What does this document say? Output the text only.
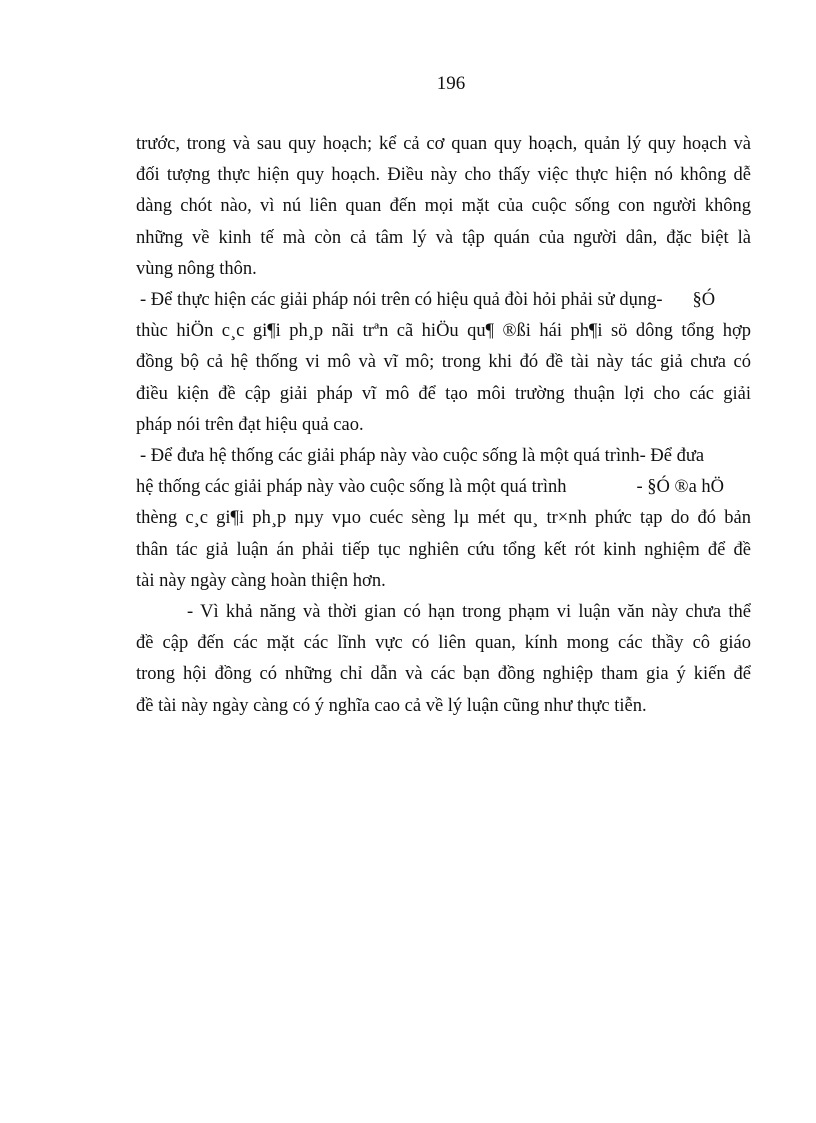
196
trước, trong và sau quy hoạch; kể cả cơ quan quy hoạch, quản lý quy hoạch và
đối tượng thực hiện quy hoạch. Điều này cho thấy việc thực hiện nó không dễ
dàng chót nào, vì nú liên quan đến mọi mặt của cuộc sống con người không
những về kinh tế mà còn cả tâm lý và tập quán của người dân, đặc biệt là
vùng nông thôn.
- Để thực hiện các giải pháp nói trên có hiệu quả đòi hỏi phải sử dụng- §Ó
thùc hiÖn c¸c gi¶i ph¸p nãi trªn cã hiÖu qu¶ ®ßi hái ph¶i sö dông tổng hợp
đồng bộ cả hệ thống vi mô và vĩ mô; trong khi đó đề tài này tác giả chưa có
điều kiện đề cập giải pháp vĩ mô để tạo môi trường thuận lợi cho các giải
pháp nói trên đạt hiệu quả cao.
- Để đưa hệ thống các giải pháp này vào cuộc sống là một quá trình- Để đưa
hệ thống các giải pháp này vào cuộc sống là một quá trình	- §Ó ®a hÖ
thèng c¸c gi¶i ph¸p nµy vµo cuéc sèng lµ mét qu¸ tr×nh phức tạp do đó bản
thân tác giả luận án phải tiếp tục nghiên cứu tổng kết rót kinh nghiệm để đề
tài này ngày càng hoàn thiện hơn.
- Vì khả năng và thời gian có hạn trong phạm vi luận văn này chưa thể
đề cập đến các mặt các lĩnh vực có liên quan, kính mong các thầy cô giáo
trong hội đồng có những chỉ dẫn và các bạn đồng nghiệp tham gia ý kiến để
đề tài này ngày càng có ý nghĩa cao cả về lý luận cũng như thực tiễn.
